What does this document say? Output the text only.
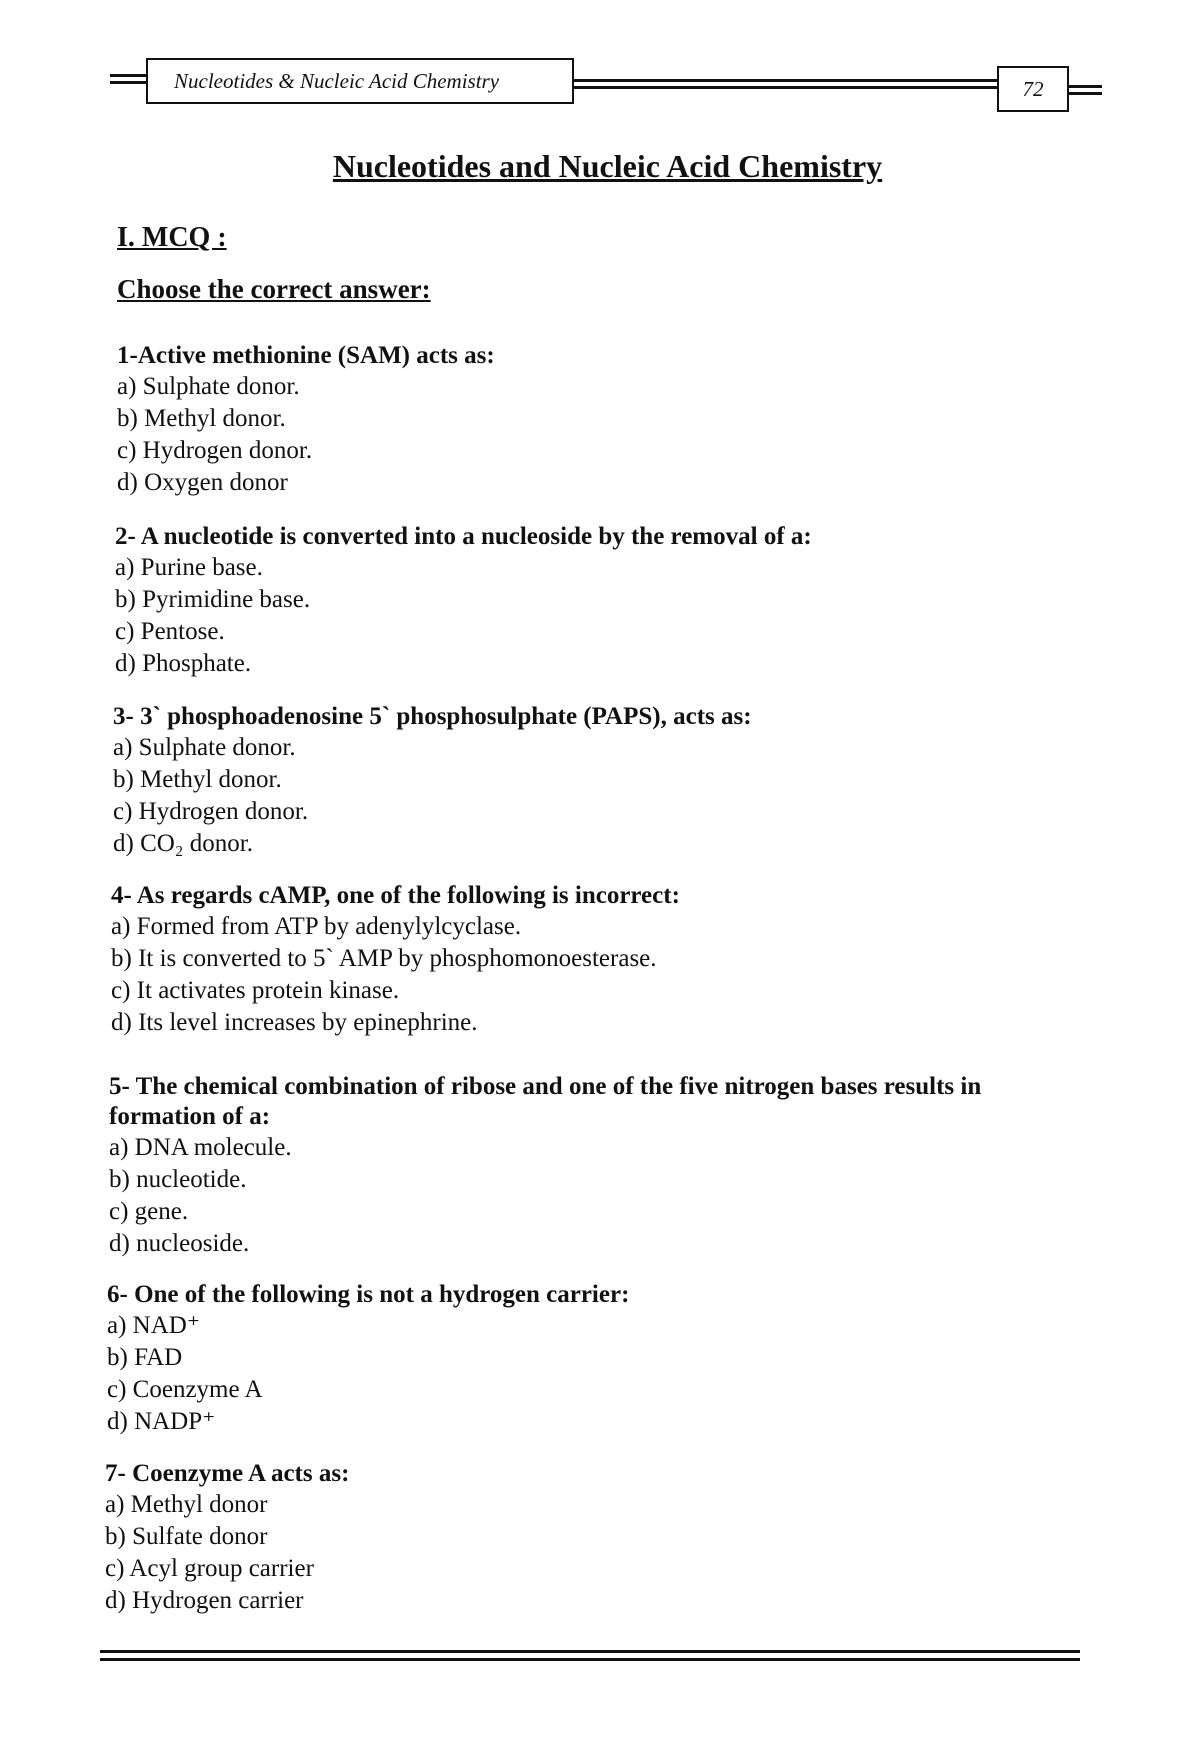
Nucleotides & Nucleic Acid Chemistry	72
Nucleotides and Nucleic Acid Chemistry
I. MCQ :
Choose the correct answer:
1-Active methionine (SAM) acts as:
a) Sulphate donor.
b) Methyl donor.
c) Hydrogen donor.
d) Oxygen donor
2- A nucleotide is converted into a nucleoside by the removal of a:
a) Purine base.
b) Pyrimidine base.
c) Pentose.
d) Phosphate.
3- 3` phosphoadenosine 5` phosphosulphate (PAPS), acts as:
a) Sulphate donor.
b) Methyl donor.
c) Hydrogen donor.
d) CO₂ donor.
4- As regards cAMP, one of the following is incorrect:
a) Formed from ATP by adenylylcyclase.
b) It is converted to 5` AMP by phosphomonoesterase.
c) It activates protein kinase.
d) Its level increases by epinephrine.
5- The chemical combination of ribose and one of the five nitrogen bases results in formation of a:
a) DNA molecule.
b) nucleotide.
c) gene.
d) nucleoside.
6- One of the following is not a hydrogen carrier:
a) NAD⁺
b) FAD
c) Coenzyme A
d) NADP⁺
7- Coenzyme A acts as:
a) Methyl donor
b) Sulfate donor
c) Acyl group carrier
d) Hydrogen carrier
